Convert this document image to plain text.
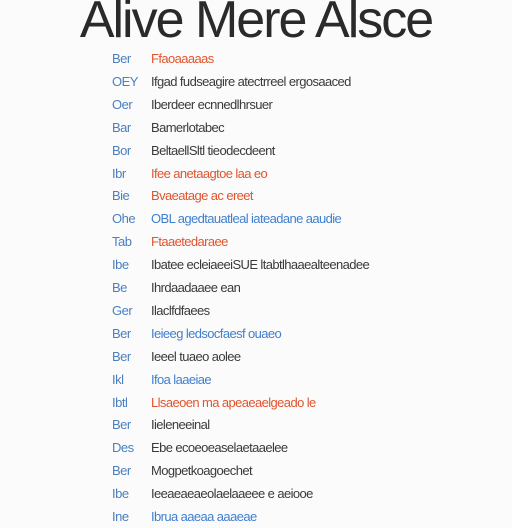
Alive Mere Alsce
Ber	Ffaoaaaaas
OEY	Ifgad fudseagire atectrreel ergosaaced
Oer	Iberdeer ecnnedlhrsuer
Bar	Bamerlotabec
Bor	BeltaellSltl tieodecdeent
Ibr	Ifee anetaagtoe laa eo
Bie	Bvaeatage ac ereet
Ohe	OBL agedtauatleal iateadane aaudie
Tab	Ftaaetedaraee
Ibe	Ibatee ecleiaeeiSUE ltabtlhaaealteenadee
Be	Ihrdaadaaee ean
Ger	Ilaclfdfaees
Ber	Ieieeg ledsocfaesf ouaeo
Ber	Ieeel tuaeo aolee
Ikl	Ifoa laaeiae
Ibtl	Llsaeoen ma apeaeaelgeado le
Ber	Iieleneeinal
Des	Ebe ecoeoeaselaetaaelee
Ber	Mogpetkoagoechet
Ibe	Ieeaeaeaeolaelaaeee e aeiooe
Ine	Ibrua aaeaa aaaeae
